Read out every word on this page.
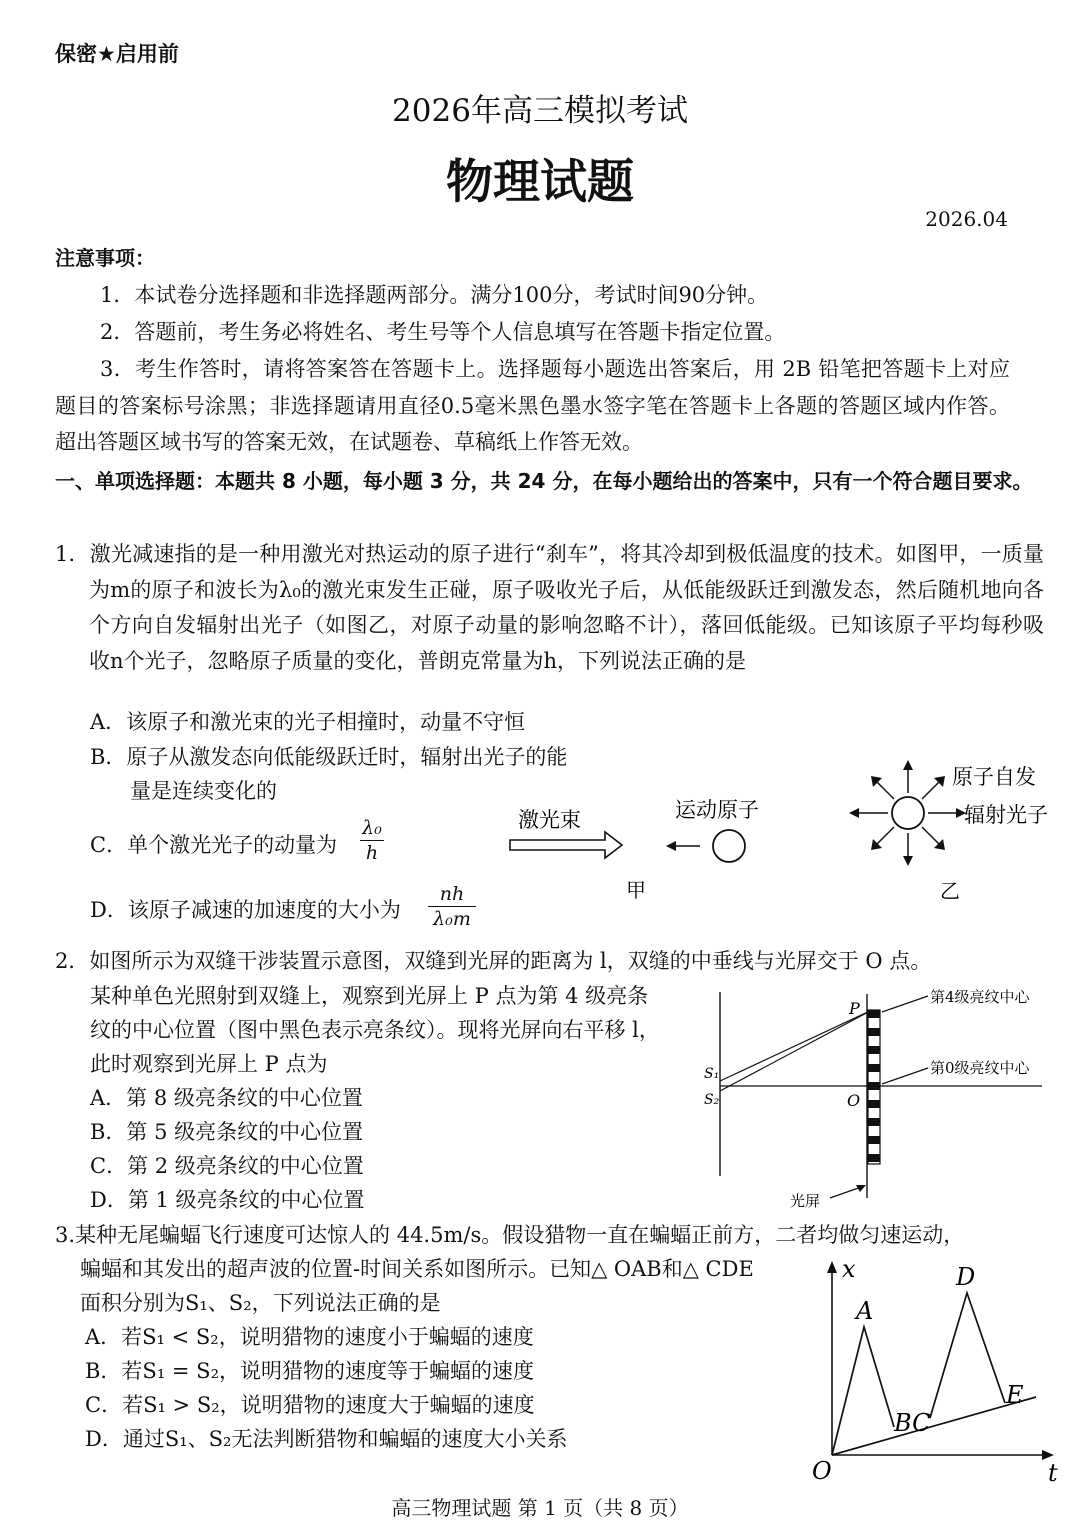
保密★启用前
2026年高三模拟考试
物理试题
2026.04
注意事项：
1．本试卷分选择题和非选择题两部分。满分100分，考试时间90分钟。
2．答题前，考生务必将姓名、考生号等个人信息填写在答题卡指定位置。
3．考生作答时，请将答案答在答题卡上。选择题每小题选出答案后，用 2B 铅笔把答题卡上对应题目的答案标号涂黑；非选择题请用直径0.5毫米黑色墨水签字笔在答题卡上各题的答题区域内作答。超出答题区域书写的答案无效，在试题卷、草稿纸上作答无效。
一、单项选择题：本题共 8 小题，每小题 3 分，共 24 分，在每小题给出的答案中，只有一个符合题目要求。
1．激光减速指的是一种用激光对热运动的原子进行“刹车”，将其冷却到极低温度的技术。如图甲，一质量为m的原子和波长为λ₀的激光束发生正碰，原子吸收光子后，从低能级跃迁到激发态，然后随机地向各个方向自发辐射出光子（如图乙，对原子动量的影响忽略不计），落回低能级。已知该原子平均每秒吸收n个光子，忽略原子质量的变化，普朗克常量为h，下列说法正确的是
A．该原子和激光束的光子相撞时，动量不守恒
B．原子从激发态向低能级跃迁时，辐射出光子的能
量是连续变化的
C．单个激光光子的动量为 $\frac{\text{λ₀}}{h}$
D．该原子减速的加速度的大小为 $\frac{nh}{\text{λ₀m}}$
激光束	运动原子
甲
原子自发
辐射光子
乙
2．如图所示为双缝干涉装置示意图，双缝到光屏的距离为 l，双缝的中垂线与光屏交于 O 点。
某种单色光照射到双缝上，观察到光屏上 P 点为第 4 级亮条
纹的中心位置（图中黑色表示亮条纹）。现将光屏向右平移 l，
此时观察到光屏上 P 点为
A．第 8 级亮条纹的中心位置
B．第 5 级亮条纹的中心位置
C．第 2 级亮条纹的中心位置
D．第 1 级亮条纹的中心位置
P
O
S₁
S₂
第4级亮纹中心
第0级亮纹中心
光屏
3.某种无尾蝙蝠飞行速度可达惊人的 44.5m/s。假设猎物一直在蝙蝠正前方，二者均做匀速运动，
蝙蝠和其发出的超声波的位置-时间关系如图所示。已知△ OAB和△ CDE
面积分别为S₁、S₂，下列说法正确的是
A．若S₁ < S₂，说明猎物的速度小于蝙蝠的速度
B．若S₁ = S₂，说明猎物的速度等于蝙蝠的速度
C．若S₁ > S₂，说明猎物的速度大于蝙蝠的速度
D．通过S₁、S₂无法判断猎物和蝙蝠的速度大小关系
x
t
O
A
BC
D
E
高三物理试题 第 1 页（共 8 页）
